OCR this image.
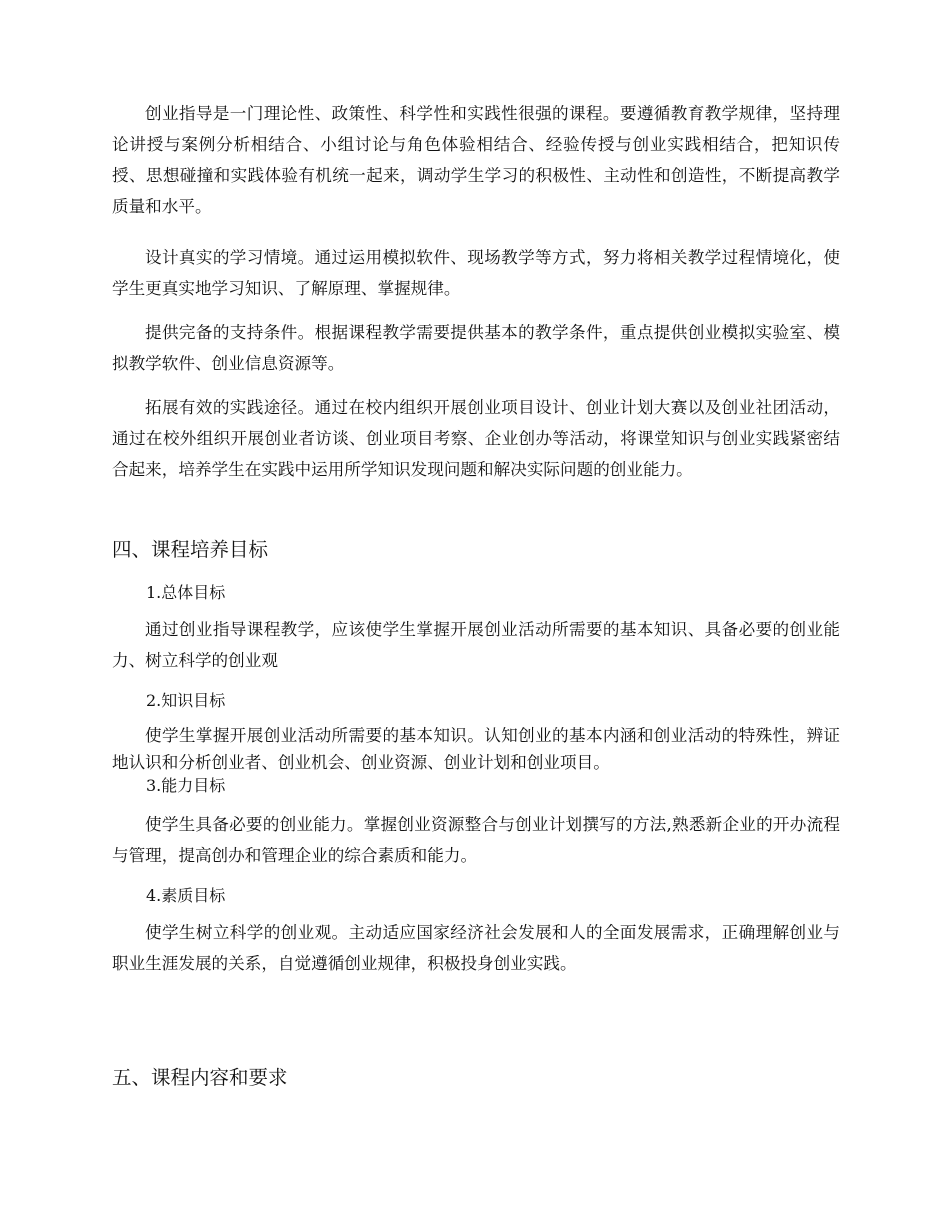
创业指导是一门理论性、政策性、科学性和实践性很强的课程。要遵循教育教学规律，坚持理论讲授与案例分析相结合、小组讨论与角色体验相结合、经验传授与创业实践相结合，把知识传授、思想碰撞和实践体验有机统一起来，调动学生学习的积极性、主动性和创造性，不断提高教学质量和水平。

设计真实的学习情境。通过运用模拟软件、现场教学等方式，努力将相关教学过程情境化，使学生更真实地学习知识、了解原理、掌握规律。

提供完备的支持条件。根据课程教学需要提供基本的教学条件，重点提供创业模拟实验室、模拟教学软件、创业信息资源等。

拓展有效的实践途径。通过在校内组织开展创业项目设计、创业计划大赛以及创业社团活动，通过在校外组织开展创业者访谈、创业项目考察、企业创办等活动，将课堂知识与创业实践紧密结合起来，培养学生在实践中运用所学知识发现问题和解决实际问题的创业能力。

四、课程培养目标
1.总体目标

通过创业指导课程教学，应该使学生掌握开展创业活动所需要的基本知识、具备必要的创业能力、树立科学的创业观

2.知识目标

使学生掌握开展创业活动所需要的基本知识。认知创业的基本内涵和创业活动的特殊性，辨证地认识和分析创业者、创业机会、创业资源、创业计划和创业项目。

3.能力目标

使学生具备必要的创业能力。掌握创业资源整合与创业计划撰写的方法,熟悉新企业的开办流程与管理，提高创办和管理企业的综合素质和能力。

4.素质目标

使学生树立科学的创业观。主动适应国家经济社会发展和人的全面发展需求，正确理解创业与职业生涯发展的关系，自觉遵循创业规律，积极投身创业实践。

五、课程内容和要求
